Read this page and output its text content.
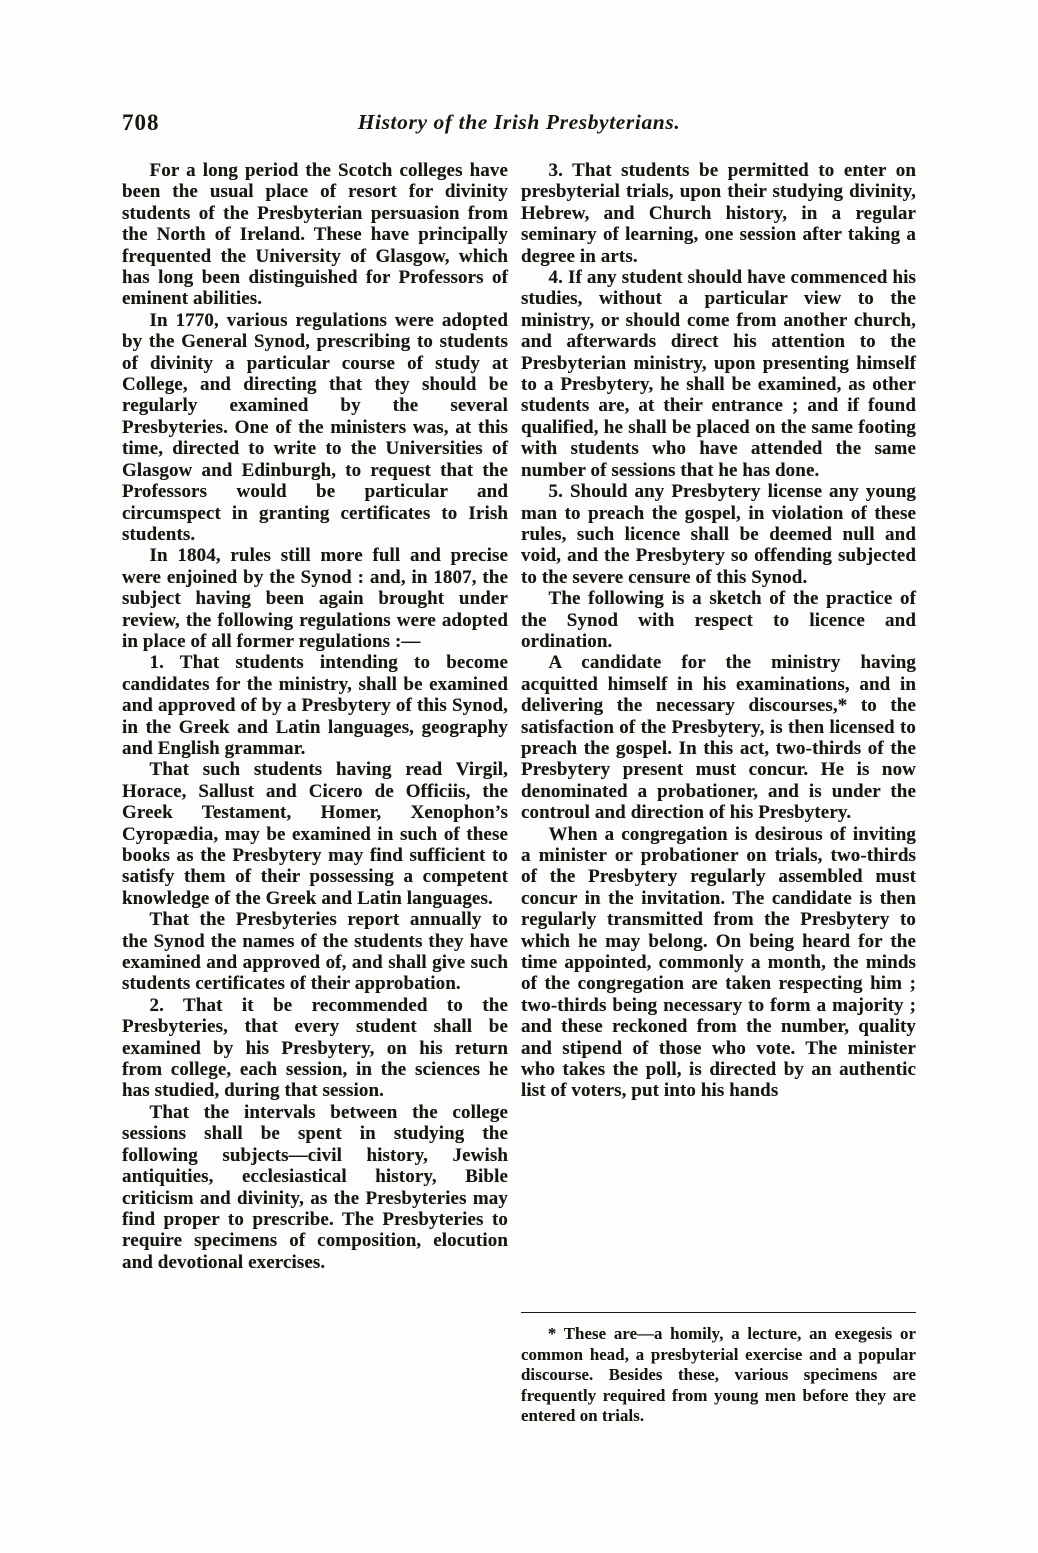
708	History of the Irish Presbyterians.

For a long period the Scotch colleges have been the usual place of resort for divinity students of the Presbyterian persuasion from the North of Ireland. These have principally frequented the University of Glasgow, which has long been distinguished for Professors of eminent abilities.

In 1770, various regulations were adopted by the General Synod, prescribing to students of divinity a particular course of study at College, and directing that they should be regularly examined by the several Presbyteries. One of the ministers was, at this time, directed to write to the Universities of Glasgow and Edinburgh, to request that the Professors would be particular and circumspect in granting certificates to Irish students.

In 1804, rules still more full and precise were enjoined by the Synod : and, in 1807, the subject having been again brought under review, the following regulations were adopted in place of all former regulations :—

1. That students intending to become candidates for the ministry, shall be examined and approved of by a Presbytery of this Synod, in the Greek and Latin languages, geography and English grammar.

That such students having read Virgil, Horace, Sallust and Cicero de Officiis, the Greek Testament, Homer, Xenophon’s Cyropædia, may be examined in such of these books as the Presbytery may find sufficient to satisfy them of their possessing a competent knowledge of the Greek and Latin languages.

That the Presbyteries report annually to the Synod the names of the students they have examined and approved of, and shall give such students certificates of their approbation.

2. That it be recommended to the Presbyteries, that every student shall be examined by his Presbytery, on his return from college, each session, in the sciences he has studied, during that session.

That the intervals between the college sessions shall be spent in studying the following subjects—civil history, Jewish antiquities, ecclesiastical history, Bible criticism and divinity, as the Presbyteries may find proper to prescribe. The Presbyteries to require specimens of composition, elocution and devotional exercises.

3. That students be permitted to enter on presbyterial trials, upon their studying divinity, Hebrew, and Church history, in a regular seminary of learning, one session after taking a degree in arts.

4. If any student should have commenced his studies, without a particular view to the ministry, or should come from another church, and afterwards direct his attention to the Presbyterian ministry, upon presenting himself to a Presbytery, he shall be examined, as other students are, at their entrance ; and if found qualified, he shall be placed on the same footing with students who have attended the same number of sessions that he has done.

5. Should any Presbytery license any young man to preach the gospel, in violation of these rules, such licence shall be deemed null and void, and the Presbytery so offending subjected to the severe censure of this Synod.

The following is a sketch of the practice of the Synod with respect to licence and ordination.

A candidate for the ministry having acquitted himself in his examinations, and in delivering the necessary discourses,* to the satisfaction of the Presbytery, is then licensed to preach the gospel. In this act, two-thirds of the Presbytery present must concur. He is now denominated a probationer, and is under the controul and direction of his Presbytery.

When a congregation is desirous of inviting a minister or probationer on trials, two-thirds of the Presbytery regularly assembled must concur in the invitation. The candidate is then regularly transmitted from the Presbytery to which he may belong. On being heard for the time appointed, commonly a month, the minds of the congregation are taken respecting him ; two-thirds being necessary to form a majority ; and these reckoned from the number, quality and stipend of those who vote. The minister who takes the poll, is directed by an authentic list of voters, put into his hands

* These are—a homily, a lecture, an exegesis or common head, a presbyterial exercise and a popular discourse. Besides these, various specimens are frequently required from young men before they are entered on trials.
